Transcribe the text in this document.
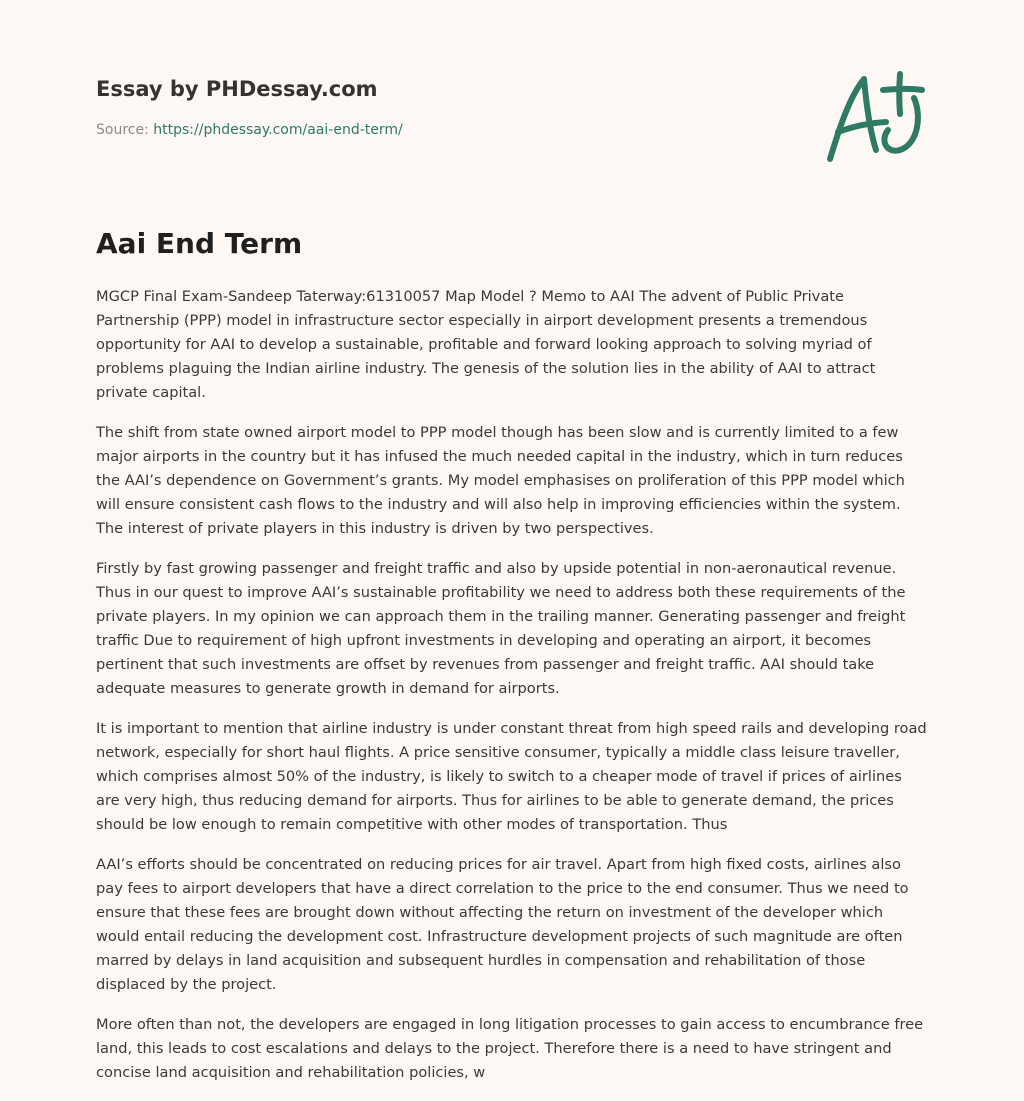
Essay by PHDessay.com
Source: https://phdessay.com/aai-end-term/
Aai End Term

MGCP Final Exam-Sandeep Taterway:61310057 Map Model ? Memo to AAI The advent of Public Private Partnership (PPP) model in infrastructure sector especially in airport development presents a tremendous opportunity for AAI to develop a sustainable, profitable and forward looking approach to solving myriad of problems plaguing the Indian airline industry. The genesis of the solution lies in the ability of AAI to attract private capital.

The shift from state owned airport model to PPP model though has been slow and is currently limited to a few major airports in the country but it has infused the much needed capital in the industry, which in turn reduces the AAI’s dependence on Government’s grants. My model emphasises on proliferation of this PPP model which will ensure consistent cash flows to the industry and will also help in improving efficiencies within the system. The interest of private players in this industry is driven by two perspectives.

Firstly by fast growing passenger and freight traffic and also by upside potential in non-aeronautical revenue. Thus in our quest to improve AAI’s sustainable profitability we need to address both these requirements of the private players. In my opinion we can approach them in the trailing manner. Generating passenger and freight traffic Due to requirement of high upfront investments in developing and operating an airport, it becomes pertinent that such investments are offset by revenues from passenger and freight traffic. AAI should take adequate measures to generate growth in demand for airports.

It is important to mention that airline industry is under constant threat from high speed rails and developing road network, especially for short haul flights. A price sensitive consumer, typically a middle class leisure traveller, which comprises almost 50% of the industry, is likely to switch to a cheaper mode of travel if prices of airlines are very high, thus reducing demand for airports. Thus for airlines to be able to generate demand, the prices should be low enough to remain competitive with other modes of transportation. Thus

AAI’s efforts should be concentrated on reducing prices for air travel. Apart from high fixed costs, airlines also pay fees to airport developers that have a direct correlation to the price to the end consumer. Thus we need to ensure that these fees are brought down without affecting the return on investment of the developer which would entail reducing the development cost. Infrastructure development projects of such magnitude are often marred by delays in land acquisition and subsequent hurdles in compensation and rehabilitation of those displaced by the project.

More often than not, the developers are engaged in long litigation processes to gain access to encumbrance free land, this leads to cost escalations and delays to the project. Therefore there is a need to have stringent and concise land acquisition and rehabilitation policies, w
